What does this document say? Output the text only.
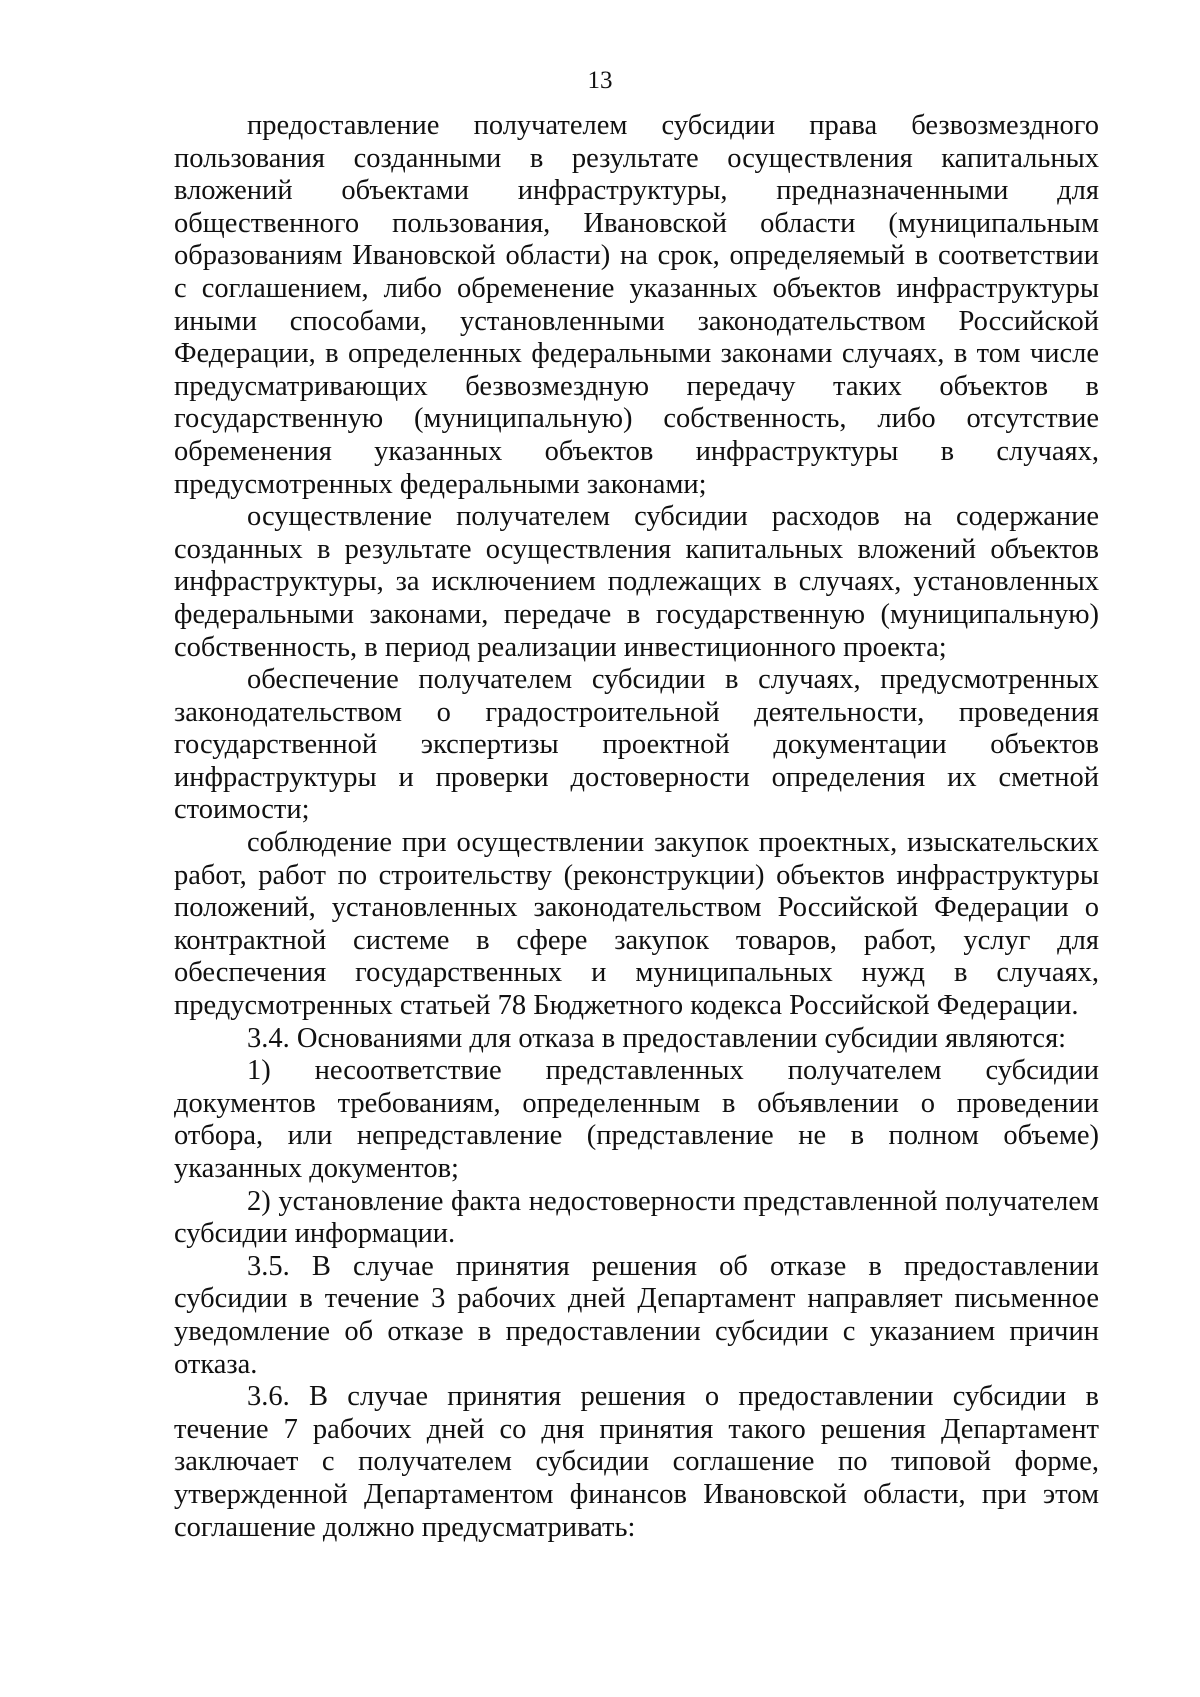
13

предоставление получателем субсидии права безвозмездного пользования созданными в результате осуществления капитальных вложений объектами инфраструктуры, предназначенными для общественного пользования, Ивановской области (муниципальным образованиям Ивановской области) на срок, определяемый в соответствии с соглашением, либо обременение указанных объектов инфраструктуры иными способами, установленными законодательством Российской Федерации, в определенных федеральными законами случаях, в том числе предусматривающих безвозмездную передачу таких объектов в государственную (муниципальную) собственность, либо отсутствие обременения указанных объектов инфраструктуры в случаях, предусмотренных федеральными законами;

осуществление получателем субсидии расходов на содержание созданных в результате осуществления капитальных вложений объектов инфраструктуры, за исключением подлежащих в случаях, установленных федеральными законами, передаче в государственную (муниципальную) собственность, в период реализации инвестиционного проекта;

обеспечение получателем субсидии в случаях, предусмотренных законодательством о градостроительной деятельности, проведения государственной экспертизы проектной документации объектов инфраструктуры и проверки достоверности определения их сметной стоимости;

соблюдение при осуществлении закупок проектных, изыскательских работ, работ по строительству (реконструкции) объектов инфраструктуры положений, установленных законодательством Российской Федерации о контрактной системе в сфере закупок товаров, работ, услуг для обеспечения государственных и муниципальных нужд в случаях, предусмотренных статьей 78 Бюджетного кодекса Российской Федерации.

3.4. Основаниями для отказа в предоставлении субсидии являются:

1) несоответствие представленных получателем субсидии документов требованиям, определенным в объявлении о проведении отбора, или непредставление (представление не в полном объеме) указанных документов;

2) установление факта недостоверности представленной получателем субсидии информации.

3.5. В случае принятия решения об отказе в предоставлении субсидии в течение 3 рабочих дней Департамент направляет письменное уведомление об отказе в предоставлении субсидии с указанием причин отказа.

3.6. В случае принятия решения о предоставлении субсидии в течение 7 рабочих дней со дня принятия такого решения Департамент заключает с получателем субсидии соглашение по типовой форме, утвержденной Департаментом финансов Ивановской области, при этом соглашение должно предусматривать:
